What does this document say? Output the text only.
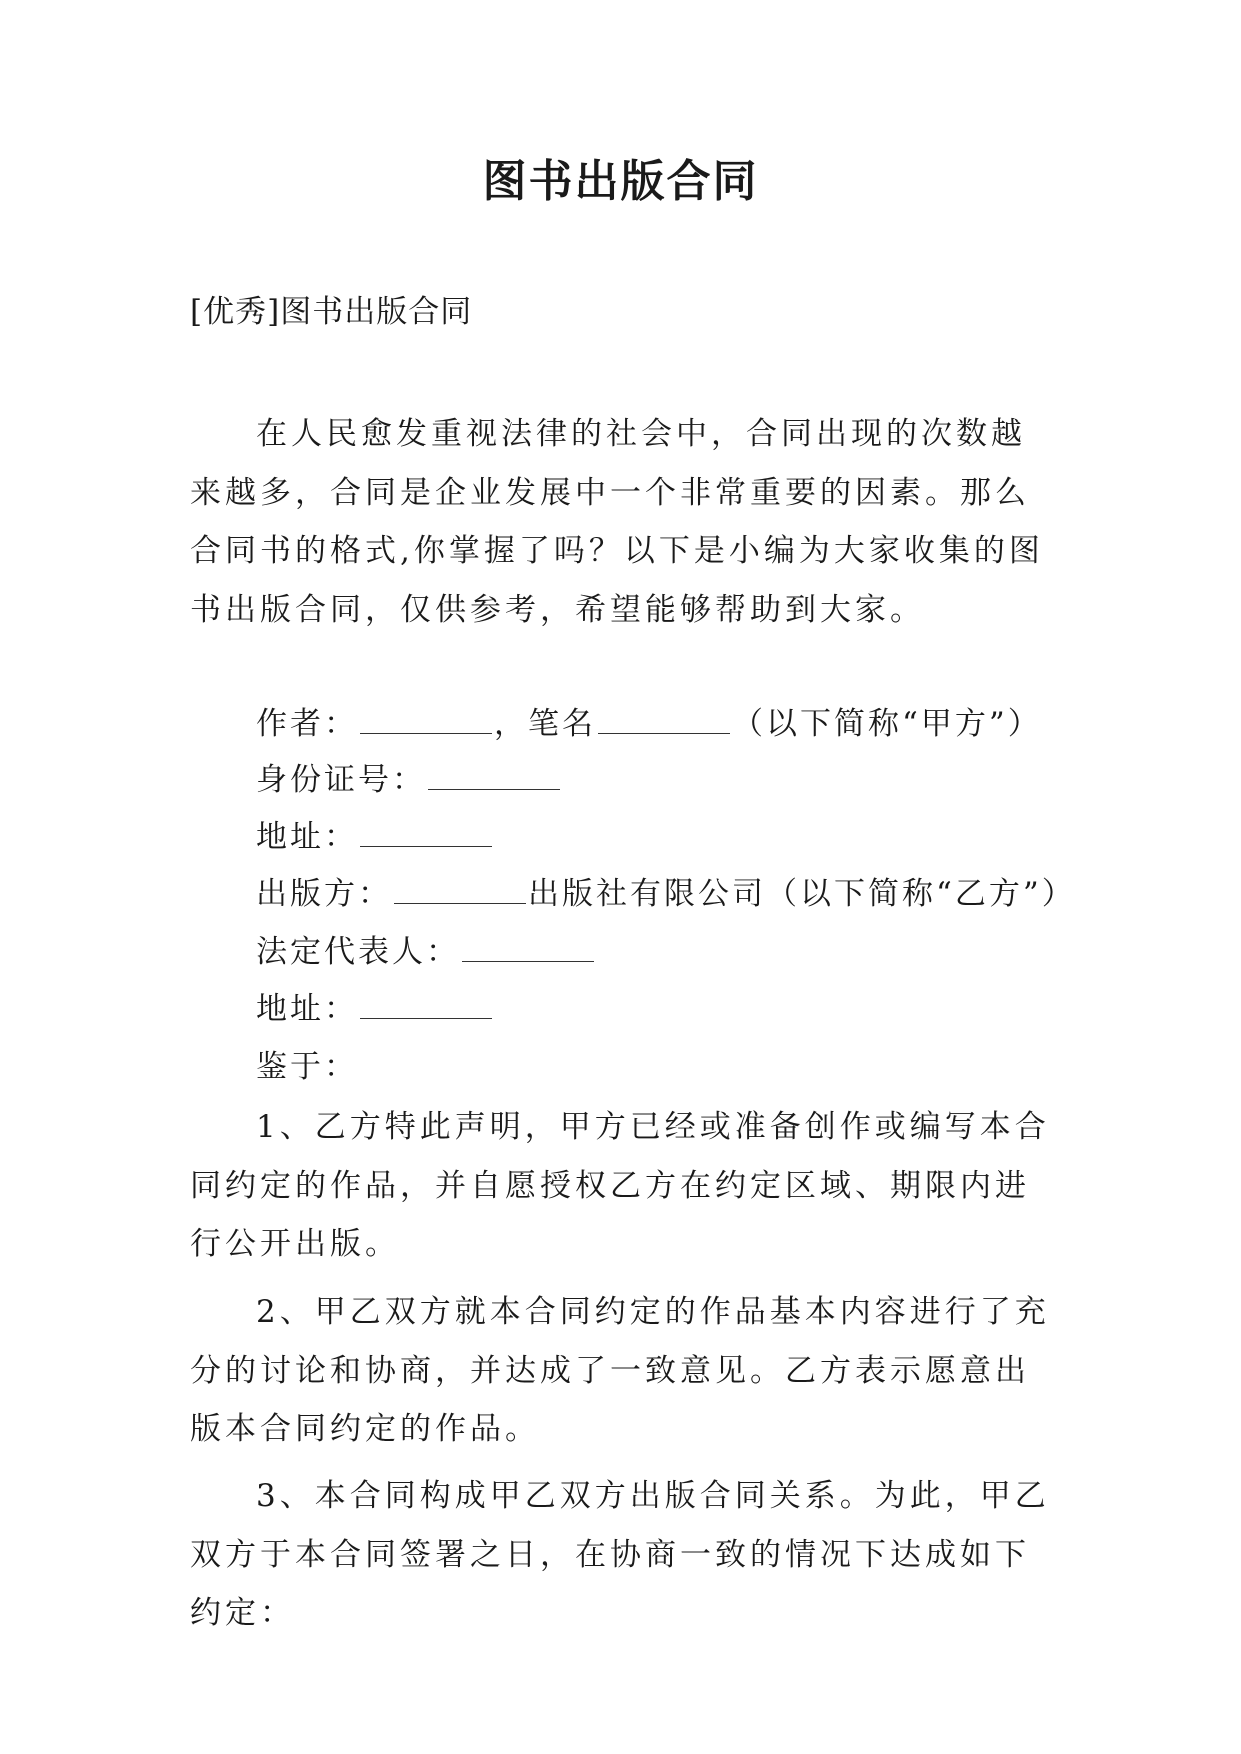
图书出版合同
[优秀]图书出版合同

在人民愈发重视法律的社会中，合同出现的次数越来越多，合同是企业发展中一个非常重要的因素。那么合同书的格式,你掌握了吗？以下是小编为大家收集的图书出版合同，仅供参考，希望能够帮助到大家。

作者：	，笔名	（以下简称“甲方”）
身份证号：
地址：
出版方：	出版社有限公司（以下简称“乙方”）
法定代表人：
地址：
鉴于：

1、乙方特此声明，甲方已经或准备创作或编写本合同约定的作品，并自愿授权乙方在约定区域、期限内进行公开出版。

2、甲乙双方就本合同约定的作品基本内容进行了充分的讨论和协商，并达成了一致意见。乙方表示愿意出版本合同约定的作品。

3、本合同构成甲乙双方出版合同关系。为此，甲乙双方于本合同签署之日，在协商一致的情况下达成如下约定：
